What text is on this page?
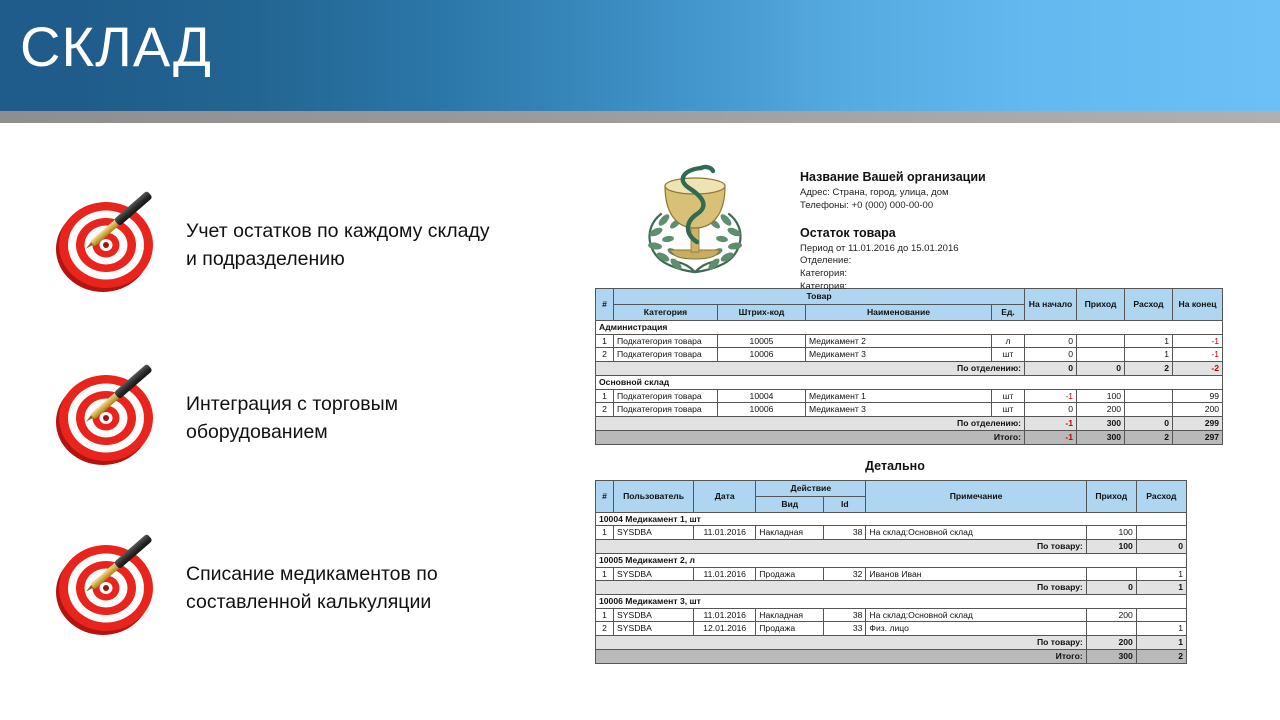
СКЛАД
Учет остатков по каждому складу и подразделению
Интеграция с торговым оборудованием
Списание медикаментов по составленной калькуляции
Название Вашей организации
Адрес: Страна, город, улица, дом
Телефоны: +0 (000) 000-00-00
Остаток товара
Период от 11.01.2016 до 15.01.2016
Отделение:
Категория:
Категория:
#	Товар				На начало	Приход	Расход	На конец
	Категория	Штрих-код	Наименование	Ед.				
Администрация								
1	Подкатегория товара	10005	Медикамент 2	л	0		1	-1
2	Подкатегория товара	10006	Медикамент 3	шт	0		1	-1
По отделению:					0	0	2	-2
Основной склад								
1	Подкатегория товара	10004	Медикамент 1	шт	-1	100		99
2	Подкатегория товара	10006	Медикамент 3	шт	0	200		200
По отделению:					-1	300	0	299
Итого:					-1	300	2	297
Детально
#	Пользователь	Дата	Действие		Примечание	Приход	Расход
			Вид	Id			
10004 Медикамент 1, шт							
1	SYSDBA	11.01.2016	Накладная	38	На склад:Основной склад	100	
По товару:						100	0
10005 Медикамент 2, л							
1	SYSDBA	11.01.2016	Продажа	32	Иванов Иван		1
По товару:						0	1
10006 Медикамент 3, шт							
1	SYSDBA	11.01.2016	Накладная	38	На склад:Основной склад	200	
2	SYSDBA	12.01.2016	Продажа	33	Физ. лицо		1
По товару:						200	1
Итого:						300	2
